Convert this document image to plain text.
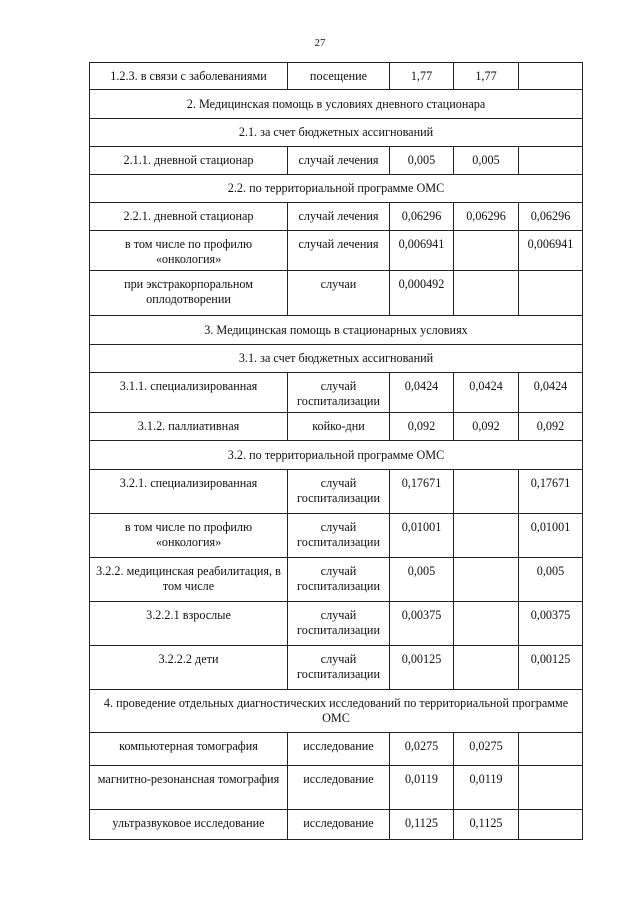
27
1.2.3. в связи с заболеваниями	посещение	1,77	1,77	
2. Медицинская помощь в условиях дневного стационара				
2.1. за счет бюджетных ассигнований				
2.1.1. дневной стационар	случай лечения	0,005	0,005	
2.2. по территориальной программе ОМС				
2.2.1. дневной стационар	случай лечения	0,06296	0,06296	0,06296
в том числе по профилю «онкология»	случай лечения	0,006941		0,006941
при экстракорпоральном оплодотворении	случаи	0,000492		
3. Медицинская помощь в стационарных условиях				
3.1. за счет бюджетных ассигнований				
3.1.1. специализированная	случай госпитализации	0,0424	0,0424	0,0424
3.1.2. паллиативная	койко-дни	0,092	0,092	0,092
3.2. по территориальной программе ОМС				
3.2.1. специализированная	случай госпитализации	0,17671		0,17671
в том числе по профилю «онкология»	случай госпитализации	0,01001		0,01001
3.2.2. медицинская реабилитация, в том числе	случай госпитализации	0,005		0,005
3.2.2.1 взрослые	случай госпитализации	0,00375		0,00375
3.2.2.2 дети	случай госпитализации	0,00125		0,00125
4. проведение отдельных диагностических исследований по территориальной программе ОМС				
компьютерная томография	исследование	0,0275	0,0275	
магнитно-резонансная томография	исследование	0,0119	0,0119	
ультразвуковое исследование	исследование	0,1125	0,1125	
